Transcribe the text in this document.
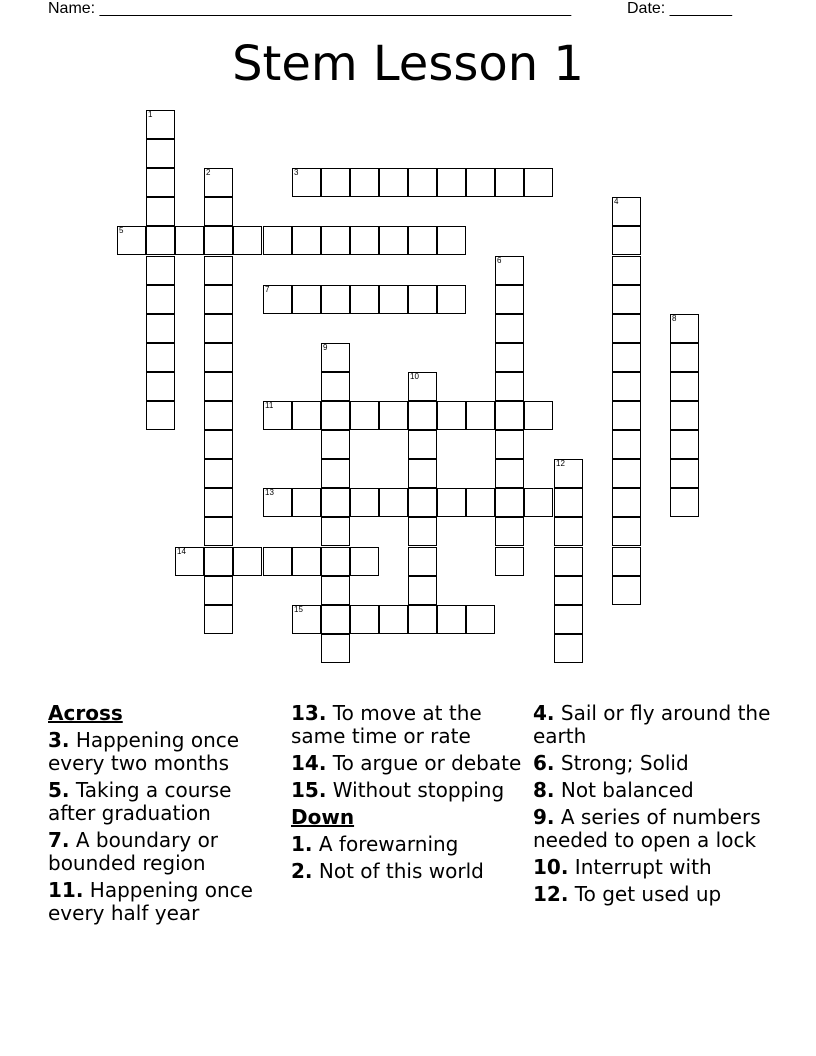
Name: _____________________________________________________	Date: _______
Stem Lesson 1
1
2	3
4
5
6
7
8
9
10
11
12
13
14
15
Across
3. Happening once every two months
5. Taking a course after graduation
7. A boundary or bounded region
11. Happening once every half year
13. To move at the same time or rate
14. To argue or debate
15. Without stopping
Down
1. A forewarning
2. Not of this world
4. Sail or fly around the earth
6. Strong; Solid
8. Not balanced
9. A series of numbers needed to open a lock
10. Interrupt with
12. To get used up
